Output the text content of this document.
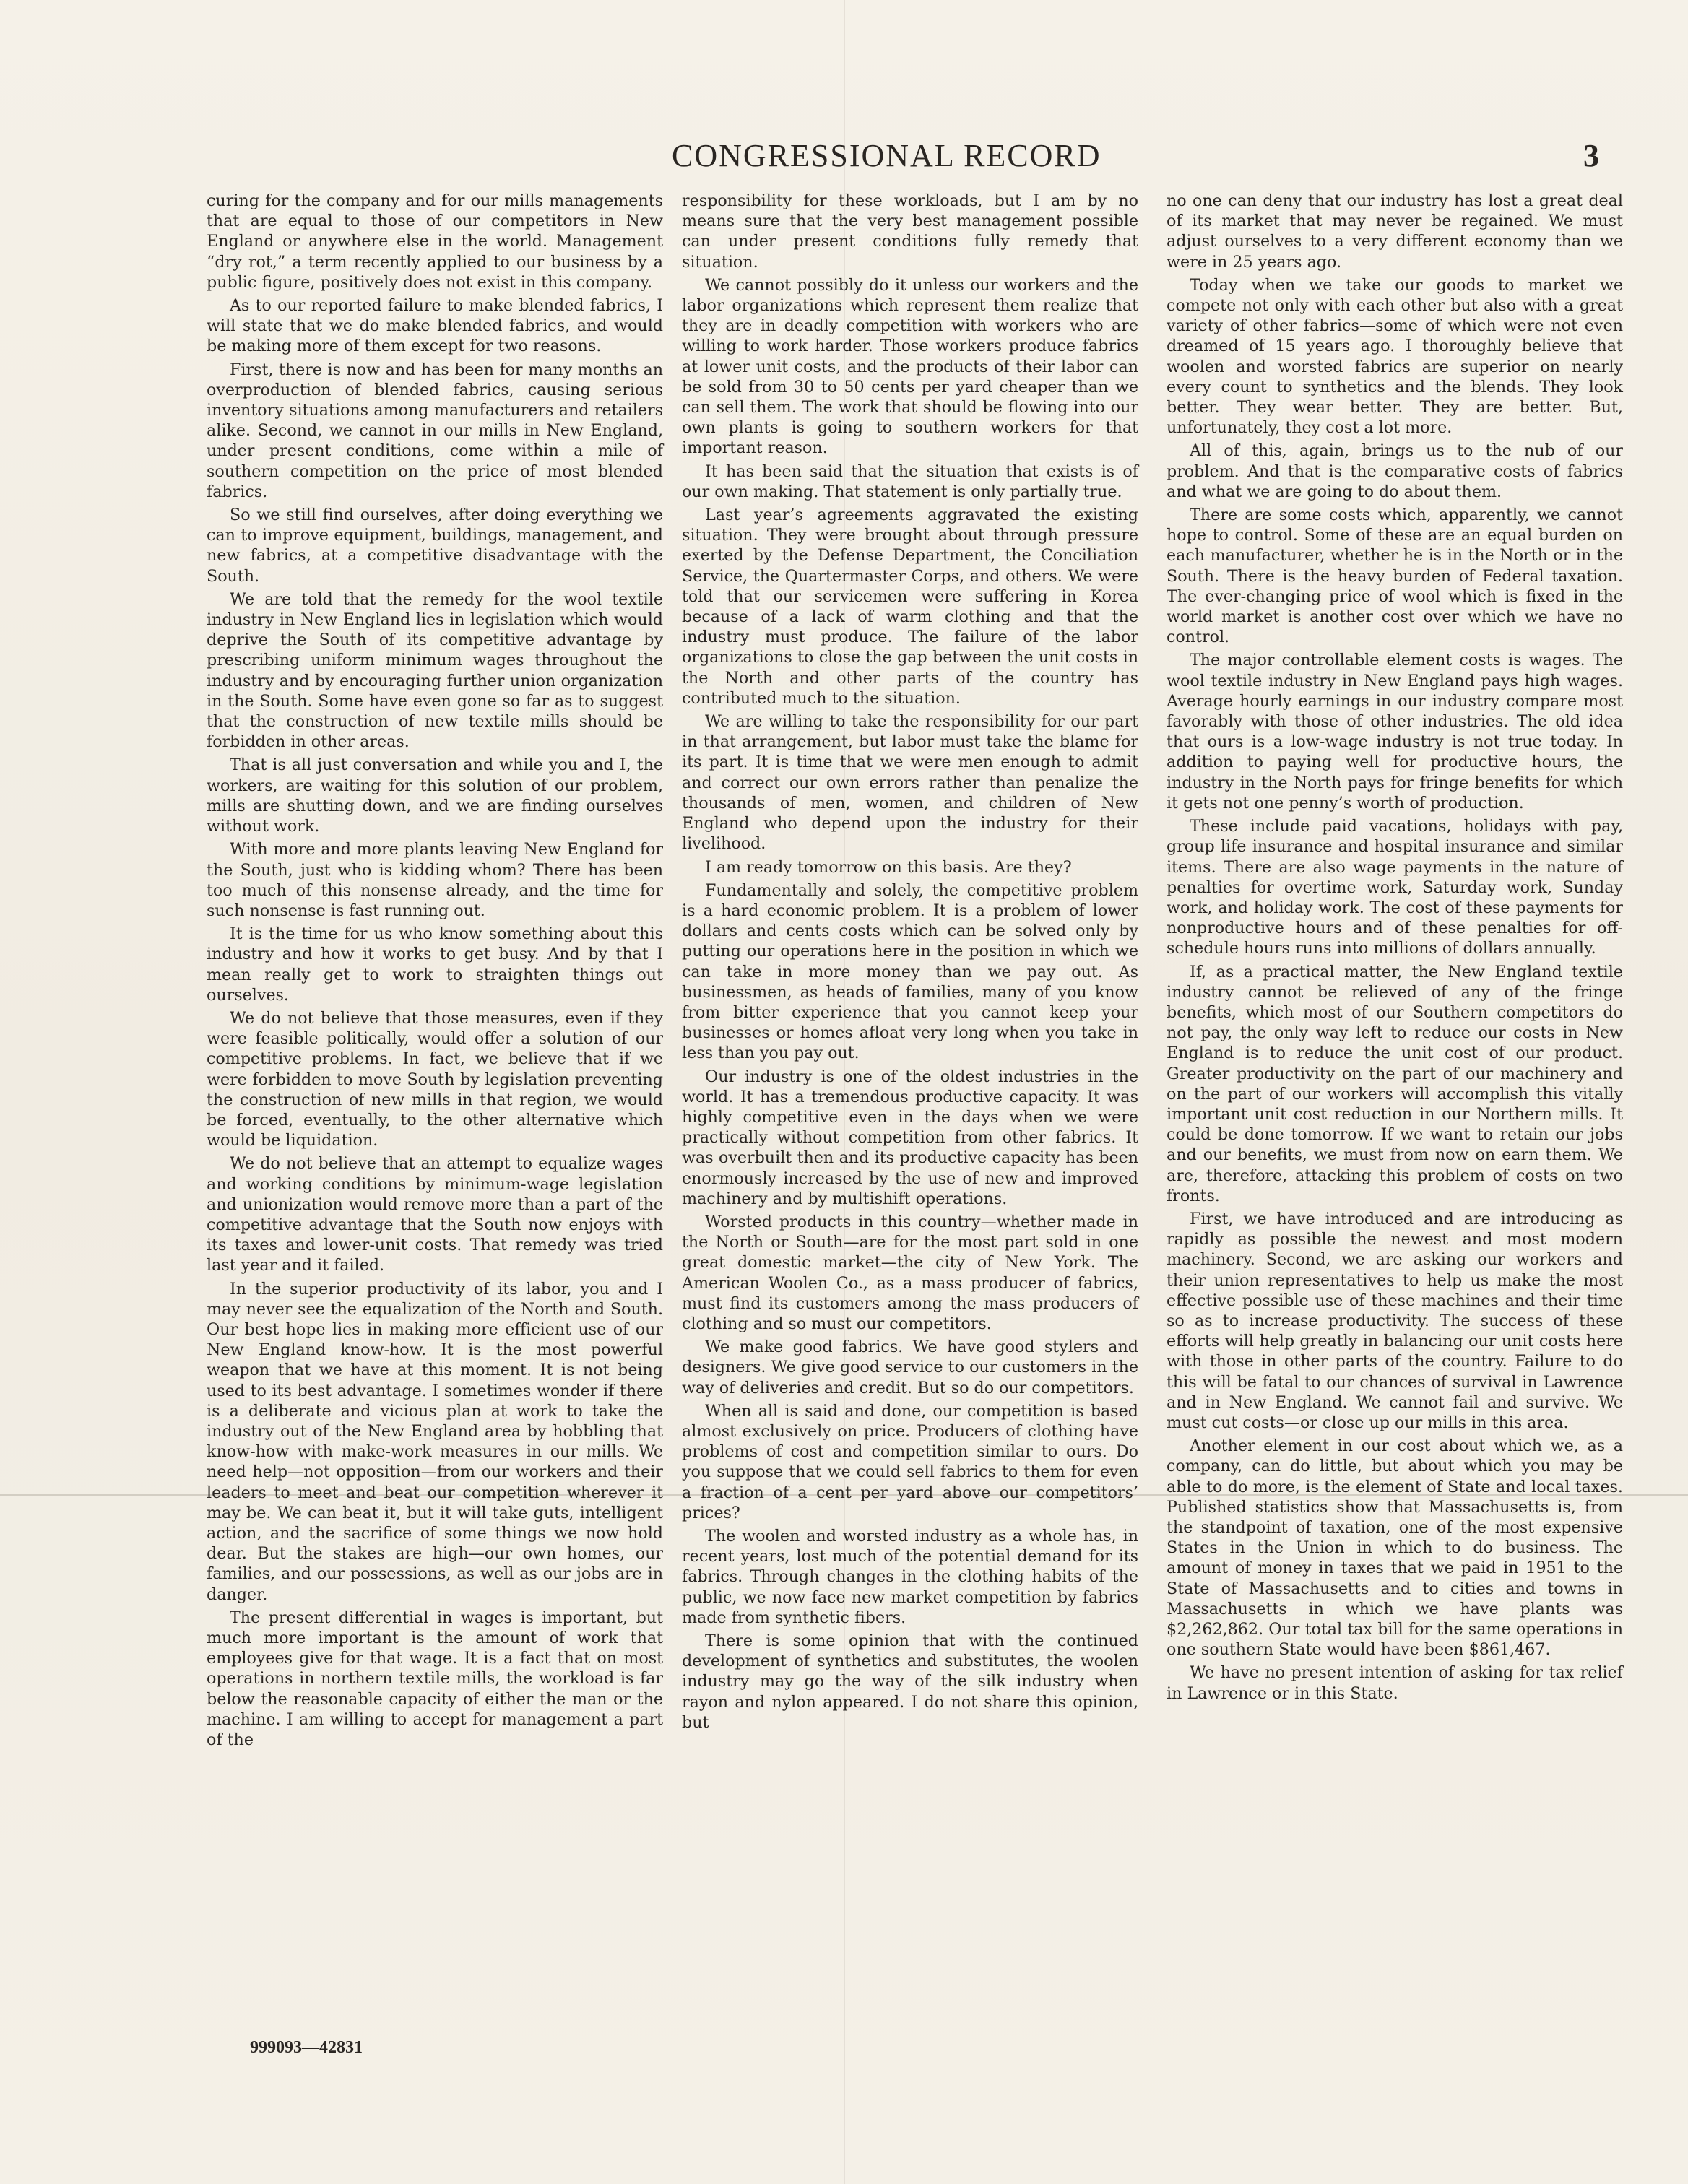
CONGRESSIONAL RECORD	3

curing for the company and for our mills managements that are equal to those of our competitors in New England or anywhere else in the world. Management “dry rot,” a term recently applied to our business by a public figure, positively does not exist in this company.

As to our reported failure to make blended fabrics, I will state that we do make blended fabrics, and would be making more of them except for two reasons.

First, there is now and has been for many months an overproduction of blended fabrics, causing serious inventory situations among manufacturers and retailers alike. Second, we cannot in our mills in New England, under present conditions, come within a mile of southern competition on the price of most blended fabrics.

So we still find ourselves, after doing everything we can to improve equipment, buildings, management, and new fabrics, at a competitive disadvantage with the South.

We are told that the remedy for the wool textile industry in New England lies in legislation which would deprive the South of its competitive advantage by prescribing uniform minimum wages throughout the industry and by encouraging further union organization in the South. Some have even gone so far as to suggest that the construction of new textile mills should be forbidden in other areas.

That is all just conversation and while you and I, the workers, are waiting for this solution of our problem, mills are shutting down, and we are finding ourselves without work.

With more and more plants leaving New England for the South, just who is kidding whom? There has been too much of this nonsense already, and the time for such nonsense is fast running out.

It is the time for us who know something about this industry and how it works to get busy. And by that I mean really get to work to straighten things out ourselves.

We do not believe that those measures, even if they were feasible politically, would offer a solution of our competitive problems. In fact, we believe that if we were forbidden to move South by legislation preventing the construction of new mills in that region, we would be forced, eventually, to the other alternative which would be liquidation.

We do not believe that an attempt to equalize wages and working conditions by minimum-wage legislation and unionization would remove more than a part of the competitive advantage that the South now enjoys with its taxes and lower-unit costs. That remedy was tried last year and it failed.

In the superior productivity of its labor, you and I may never see the equalization of the North and South. Our best hope lies in making more efficient use of our New England know-how. It is the most powerful weapon that we have at this moment. It is not being used to its best advantage. I sometimes wonder if there is a deliberate and vicious plan at work to take the industry out of the New England area by hobbling that know-how with make-work measures in our mills. We need help—not opposition—from our workers and their leaders to meet and beat our competition wherever it may be. We can beat it, but it will take guts, intelligent action, and the sacrifice of some things we now hold dear. But the stakes are high—our own homes, our families, and our possessions, as well as our jobs are in danger.

The present differential in wages is important, but much more important is the amount of work that employees give for that wage. It is a fact that on most operations in northern textile mills, the workload is far below the reasonable capacity of either the man or the machine. I am willing to accept for management a part of the

responsibility for these workloads, but I am by no means sure that the very best management possible can under present conditions fully remedy that situation.

We cannot possibly do it unless our workers and the labor organizations which represent them realize that they are in deadly competition with workers who are willing to work harder. Those workers produce fabrics at lower unit costs, and the products of their labor can be sold from 30 to 50 cents per yard cheaper than we can sell them. The work that should be flowing into our own plants is going to southern workers for that important reason.

It has been said that the situation that exists is of our own making. That statement is only partially true.

Last year’s agreements aggravated the existing situation. They were brought about through pressure exerted by the Defense Department, the Conciliation Service, the Quartermaster Corps, and others. We were told that our servicemen were suffering in Korea because of a lack of warm clothing and that the industry must produce. The failure of the labor organizations to close the gap between the unit costs in the North and other parts of the country has contributed much to the situation.

We are willing to take the responsibility for our part in that arrangement, but labor must take the blame for its part. It is time that we were men enough to admit and correct our own errors rather than penalize the thousands of men, women, and children of New England who depend upon the industry for their livelihood.

I am ready tomorrow on this basis. Are they?

Fundamentally and solely, the competitive problem is a hard economic problem. It is a problem of lower dollars and cents costs which can be solved only by putting our operations here in the position in which we can take in more money than we pay out. As businessmen, as heads of families, many of you know from bitter experience that you cannot keep your businesses or homes afloat very long when you take in less than you pay out.

Our industry is one of the oldest industries in the world. It has a tremendous productive capacity. It was highly competitive even in the days when we were practically without competition from other fabrics. It was overbuilt then and its productive capacity has been enormously increased by the use of new and improved machinery and by multishift operations.

Worsted products in this country—whether made in the North or South—are for the most part sold in one great domestic market—the city of New York. The American Woolen Co., as a mass producer of fabrics, must find its customers among the mass producers of clothing and so must our competitors.

We make good fabrics. We have good stylers and designers. We give good service to our customers in the way of deliveries and credit. But so do our competitors.

When all is said and done, our competition is based almost exclusively on price. Producers of clothing have problems of cost and competition similar to ours. Do you suppose that we could sell fabrics to them for even a fraction of a cent per yard above our competitors’ prices?

The woolen and worsted industry as a whole has, in recent years, lost much of the potential demand for its fabrics. Through changes in the clothing habits of the public, we now face new market competition by fabrics made from synthetic fibers.

There is some opinion that with the continued development of synthetics and substitutes, the woolen industry may go the way of the silk industry when rayon and nylon appeared. I do not share this opinion, but

no one can deny that our industry has lost a great deal of its market that may never be regained. We must adjust ourselves to a very different economy than we were in 25 years ago.

Today when we take our goods to market we compete not only with each other but also with a great variety of other fabrics—some of which were not even dreamed of 15 years ago. I thoroughly believe that woolen and worsted fabrics are superior on nearly every count to synthetics and the blends. They look better. They wear better. They are better. But, unfortunately, they cost a lot more.

All of this, again, brings us to the nub of our problem. And that is the comparative costs of fabrics and what we are going to do about them.

There are some costs which, apparently, we cannot hope to control. Some of these are an equal burden on each manufacturer, whether he is in the North or in the South. There is the heavy burden of Federal taxation. The ever-changing price of wool which is fixed in the world market is another cost over which we have no control.

The major controllable element costs is wages. The wool textile industry in New England pays high wages. Average hourly earnings in our industry compare most favorably with those of other industries. The old idea that ours is a low-wage industry is not true today. In addition to paying well for productive hours, the industry in the North pays for fringe benefits for which it gets not one penny’s worth of production.

These include paid vacations, holidays with pay, group life insurance and hospital insurance and similar items. There are also wage payments in the nature of penalties for overtime work, Saturday work, Sunday work, and holiday work. The cost of these payments for nonproductive hours and of these penalties for off-schedule hours runs into millions of dollars annually.

If, as a practical matter, the New England textile industry cannot be relieved of any of the fringe benefits, which most of our Southern competitors do not pay, the only way left to reduce our costs in New England is to reduce the unit cost of our product. Greater productivity on the part of our machinery and on the part of our workers will accomplish this vitally important unit cost reduction in our Northern mills. It could be done tomorrow. If we want to retain our jobs and our benefits, we must from now on earn them. We are, therefore, attacking this problem of costs on two fronts.

First, we have introduced and are introducing as rapidly as possible the newest and most modern machinery. Second, we are asking our workers and their union representatives to help us make the most effective possible use of these machines and their time so as to increase productivity. The success of these efforts will help greatly in balancing our unit costs here with those in other parts of the country. Failure to do this will be fatal to our chances of survival in Lawrence and in New England. We cannot fail and survive. We must cut costs—or close up our mills in this area.

Another element in our cost about which we, as a company, can do little, but about which you may be able to do more, is the element of State and local taxes. Published statistics show that Massachusetts is, from the standpoint of taxation, one of the most expensive States in the Union in which to do business. The amount of money in taxes that we paid in 1951 to the State of Massachusetts and to cities and towns in Massachusetts in which we have plants was $2,262,862. Our total tax bill for the same operations in one southern State would have been $861,467.

We have no present intention of asking for tax relief in Lawrence or in this State.

999093—42831
